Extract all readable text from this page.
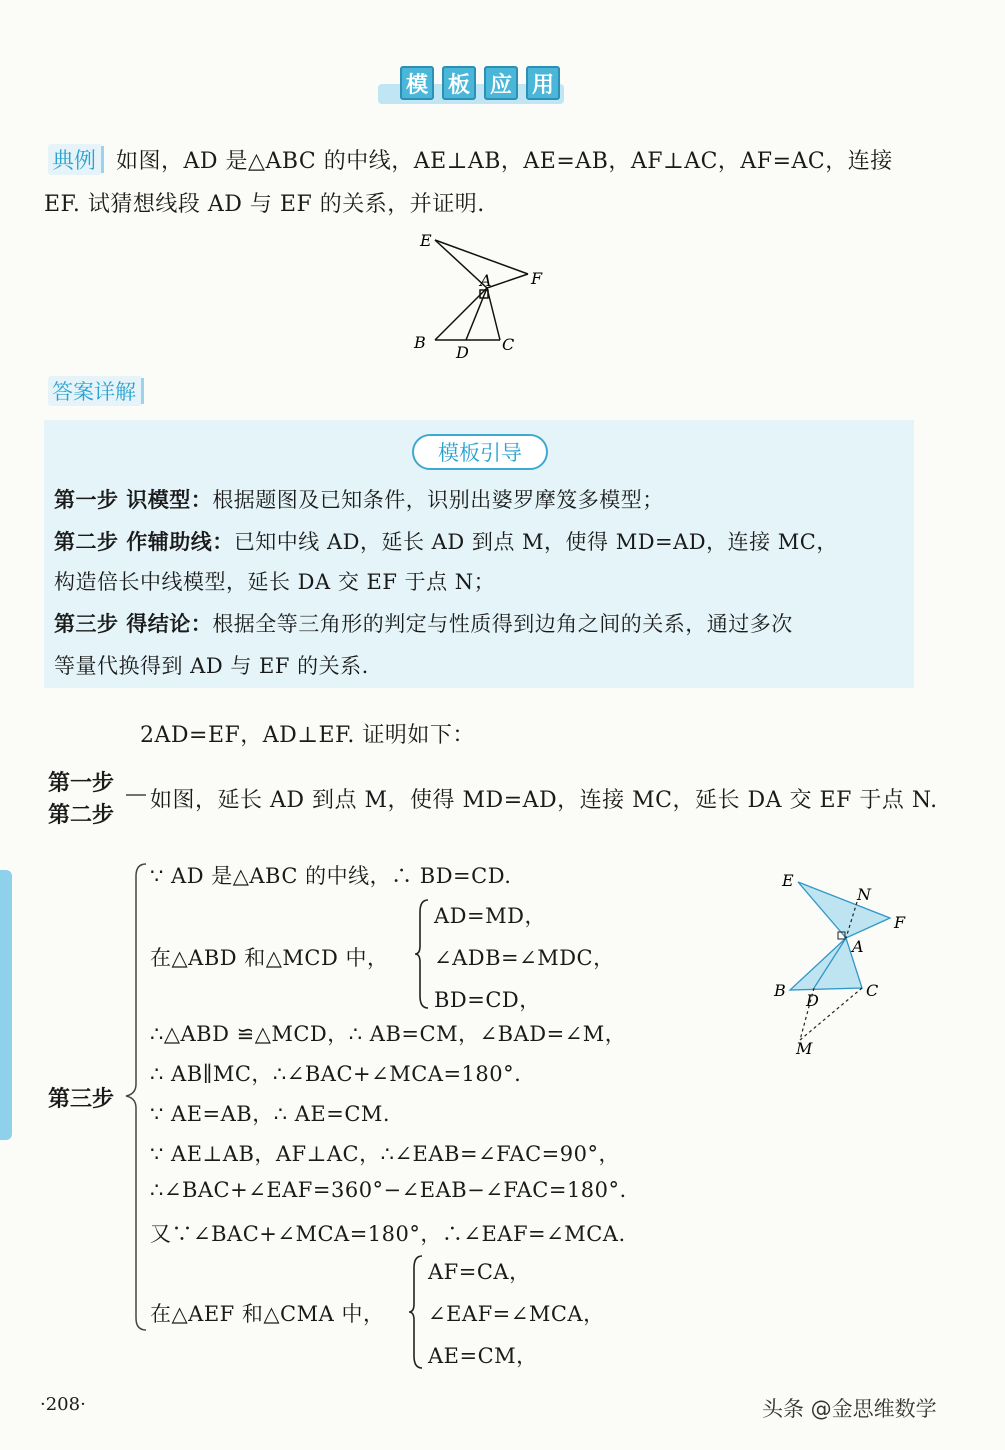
模 板 应 用
典例 如图，AD 是△ABC 的中线，AE⊥AB，AE=AB，AF⊥AC，AF=AC，连接
EF. 试猜想线段 AD 与 EF 的关系，并证明.
E
F
A
B
D C
答案详解
模板引导
第一步 识模型：根据题图及已知条件，识别出婆罗摩笈多模型；
第二步 作辅助线：已知中线 AD，延长 AD 到点 M，使得 MD=AD，连接 MC，
构造倍长中线模型，延长 DA 交 EF 于点 N；
第三步 得结论：根据全等三角形的判定与性质得到边角之间的关系，通过多次
等量代换得到 AD 与 EF 的关系.
2AD=EF，AD⊥EF. 证明如下：
第一步
第二步
如图，延长 AD 到点 M，使得 MD=AD，连接 MC，延长 DA 交 EF 于点 N.
第三步
∵ AD 是△ABC 的中线，∴ BD=CD.
在△ABD 和△MCD 中，
AD=MD，
∠ADB=∠MDC，
BD=CD，
∴△ABD ≌△MCD，∴ AB=CM，∠BAD=∠M，
∴ AB∥MC，∴∠BAC+∠MCA=180°.
∵ AE=AB，∴ AE=CM.
∵ AE⊥AB，AF⊥AC，∴∠EAB=∠FAC=90°，
∴∠BAC+∠EAF=360°−∠EAB−∠FAC=180°.
又∵∠BAC+∠MCA=180°，∴∠EAF=∠MCA.
在△AEF 和△CMA 中，
AF=CA，
∠EAF=∠MCA，
AE=CM，
E
N
F
A
B
D
C
M
·208·	头条 @金思维数学
